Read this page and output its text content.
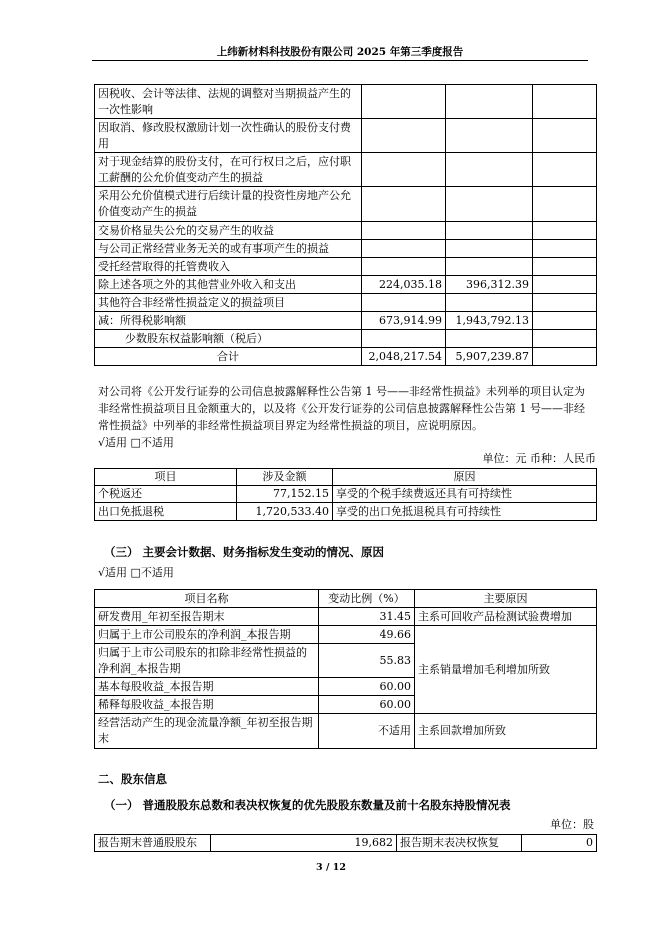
上纬新材料科技股份有限公司 2025 年第三季度报告
因税收、会计等法律、法规的调整对当期损益产生的一次性影响			
因取消、修改股权激励计划一次性确认的股份支付费用			
对于现金结算的股份支付，在可行权日之后，应付职工薪酬的公允价值变动产生的损益			
采用公允价值模式进行后续计量的投资性房地产公允价值变动产生的损益			
交易价格显失公允的交易产生的收益			
与公司正常经营业务无关的或有事项产生的损益			
受托经营取得的托管费收入			
除上述各项之外的其他营业外收入和支出	224,035.18	396,312.39	
其他符合非经常性损益定义的损益项目			
减：所得税影响额	673,914.99	1,943,792.13	
少数股东权益影响额（税后）			
合计	2,048,217.54	5,907,239.87	
对公司将《公开发行证券的公司信息披露解释性公告第 1 号——非经常性损益》未列举的项目认定为非经常性损益项目且金额重大的，以及将《公开发行证券的公司信息披露解释性公告第 1 号——非经常性损益》中列举的非经常性损益项目界定为经常性损益的项目，应说明原因。
√适用 □不适用
单位：元 币种：人民币
项目	涉及金额	原因
个税返还	77,152.15	享受的个税手续费返还具有可持续性
出口免抵退税	1,720,533.40	享受的出口免抵退税具有可持续性
（三） 主要会计数据、财务指标发生变动的情况、原因
√适用 □不适用
项目名称	变动比例（%）	主要原因
研发费用_年初至报告期末	31.45	主系可回收产品检测试验费增加
归属于上市公司股东的净利润_本报告期	49.66	主系销量增加毛利增加所致
归属于上市公司股东的扣除非经常性损益的净利润_本报告期	55.83	
基本每股收益_本报告期	60.00	
稀释每股收益_本报告期	60.00	
经营活动产生的现金流量净额_年初至报告期末	不适用	主系回款增加所致
二、股东信息
（一） 普通股股东总数和表决权恢复的优先股股东数量及前十名股东持股情况表
单位：股
报告期末普通股股东	19,682	报告期末表决权恢复	0
3 / 12
